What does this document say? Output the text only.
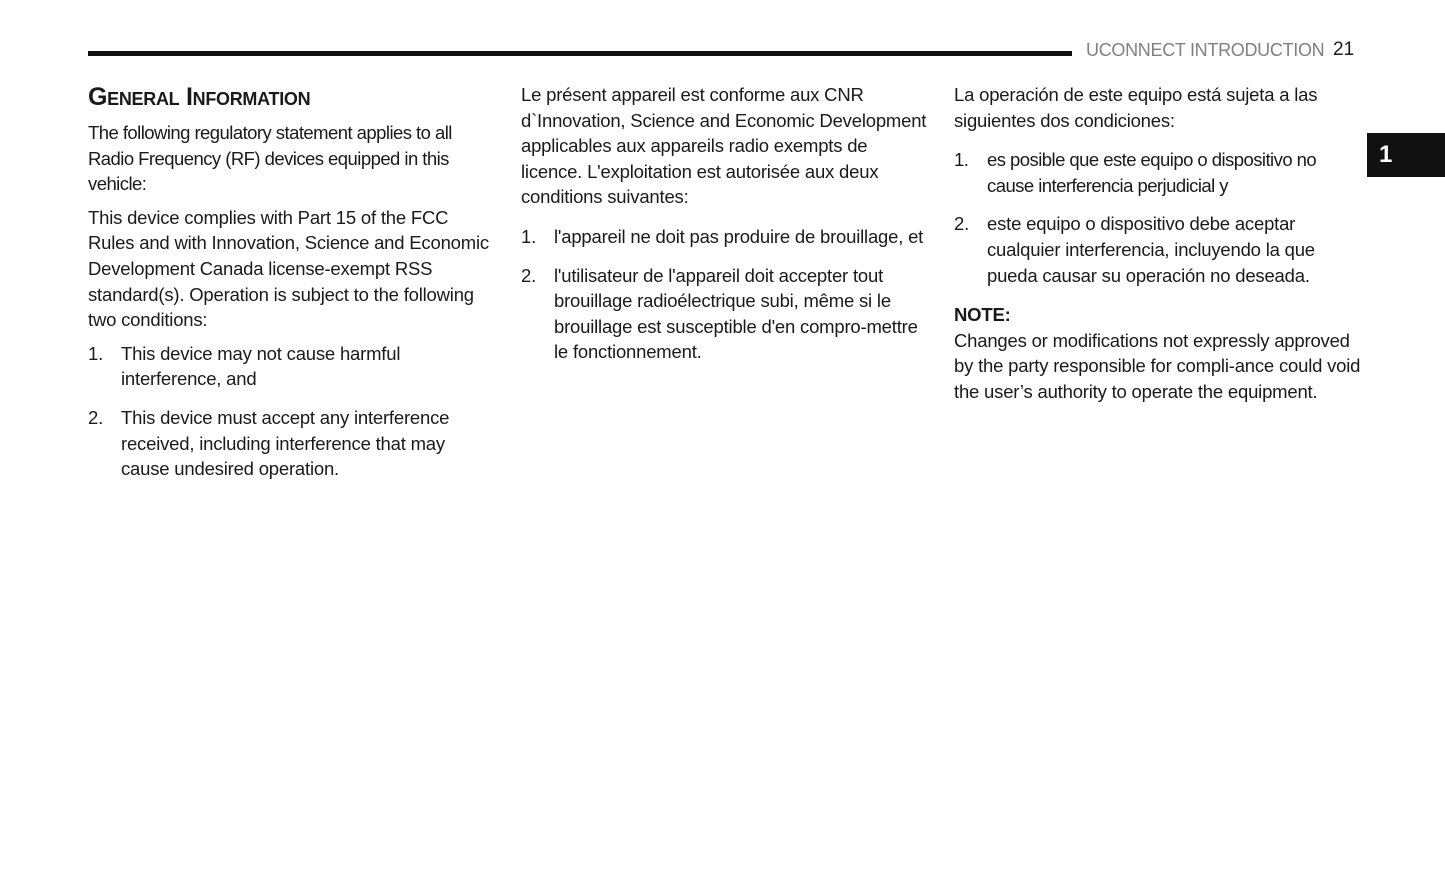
UCONNECT INTRODUCTION 21
1
General Information

The following regulatory statement applies to all Radio Frequency (RF) devices equipped in this vehicle:

This device complies with Part 15 of the FCC Rules and with Innovation, Science and Economic Development Canada license-exempt RSS standard(s). Operation is subject to the following two conditions:

1. This device may not cause harmful interference, and
2. This device must accept any interference received, including interference that may cause undesired operation.

Le présent appareil est conforme aux CNR d`Innovation, Science and Economic Development applicables aux appareils radio exempts de licence. L'exploitation est autorisée aux deux conditions suivantes:

1. l'appareil ne doit pas produire de brouillage, et
2. l'utilisateur de l'appareil doit accepter tout brouillage radioélectrique subi, même si le brouillage est susceptible d'en compro-mettre le fonctionnement.

La operación de este equipo está sujeta a las siguientes dos condiciones:

1. es posible que este equipo o dispositivo no cause interferencia perjudicial y
2. este equipo o dispositivo debe aceptar cualquier interferencia, incluyendo la que pueda causar su operación no deseada.
NOTE:
Changes or modifications not expressly approved by the party responsible for compli-ance could void the user’s authority to operate the equipment.
